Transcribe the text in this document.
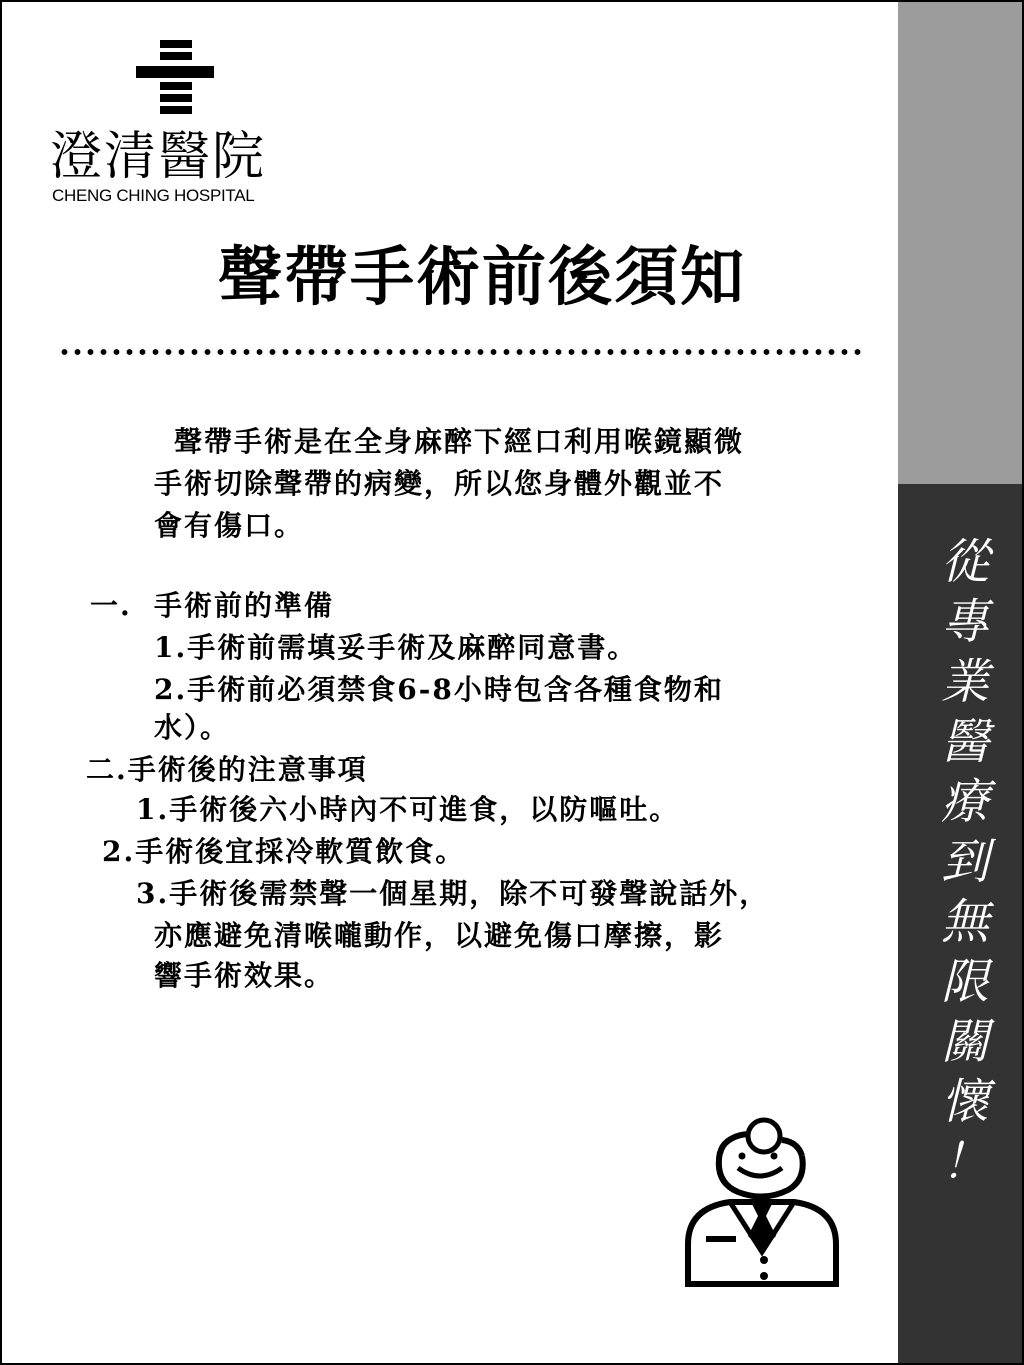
從
專
業
醫
療
到
無
限
關
懷
！
澄清醫院
CHENG CHING HOSPITAL
聲帶手術前後須知
聲帶手術是在全身麻醉下經口利用喉鏡顯微
手術切除聲帶的病變，所以您身體外觀並不
會有傷口。
一. 手術前的準備
1.手術前需填妥手術及麻醉同意書。
2.手術前必須禁食6-8小時包含各種食物和
水）。
二.手術後的注意事項
1.手術後六小時內不可進食，以防嘔吐。
2.手術後宜採冷軟質飲食。
3.手術後需禁聲一個星期，除不可發聲說話外，
亦應避免清喉嚨動作，以避免傷口摩擦，影
響手術效果。
